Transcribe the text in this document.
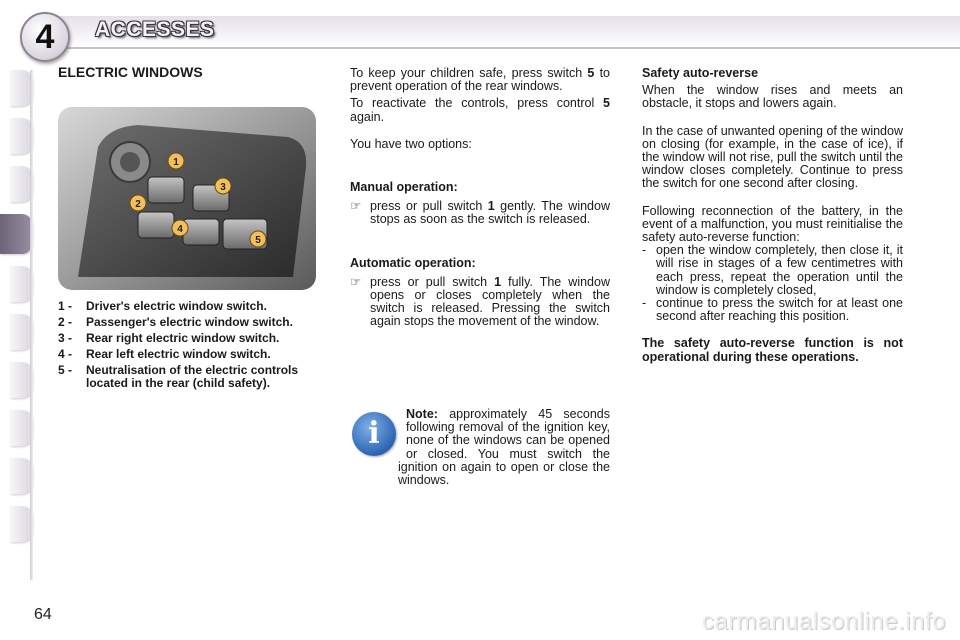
4 ACCESSES
ELECTRIC WINDOWS
1
2
3
4
5
1 -	Driver's electric window switch.
2 -	Passenger's electric window switch.
3 -	Rear right electric window switch.
4 -	Rear left electric window switch.
5 -	Neutralisation of the electric controls located in the rear (child safety).

To keep your children safe, press switch 5 to prevent operation of the rear windows.

To reactivate the controls, press control 5 again.

You have two options:

Manual operation:

☞ press or pull switch 1 gently. The window stops as soon as the switch is released.

Automatic operation:

☞ press or pull switch 1 fully. The window opens or closes completely when the switch is released. Pressing the switch again stops the movement of the window.

i

Note: approximately 45 seconds following removal of the ignition key, none of the windows can be opened or closed. You must switch the ignition on again to open or close the windows.

Safety auto-reverse

When the window rises and meets an obstacle, it stops and lowers again.

In the case of unwanted opening of the window on closing (for example, in the case of ice), if the window will not rise, pull the switch until the window closes completely. Continue to press the switch for one second after closing.

Following reconnection of the battery, in the event of a malfunction, you must reinitialise the safety auto-reverse function:

- open the window completely, then close it, it will rise in stages of a few centimetres with each press, repeat the operation until the window is completely closed,

- continue to press the switch for at least one second after reaching this position.

The safety auto-reverse function is not operational during these operations.

64	carmanualsonline.info
